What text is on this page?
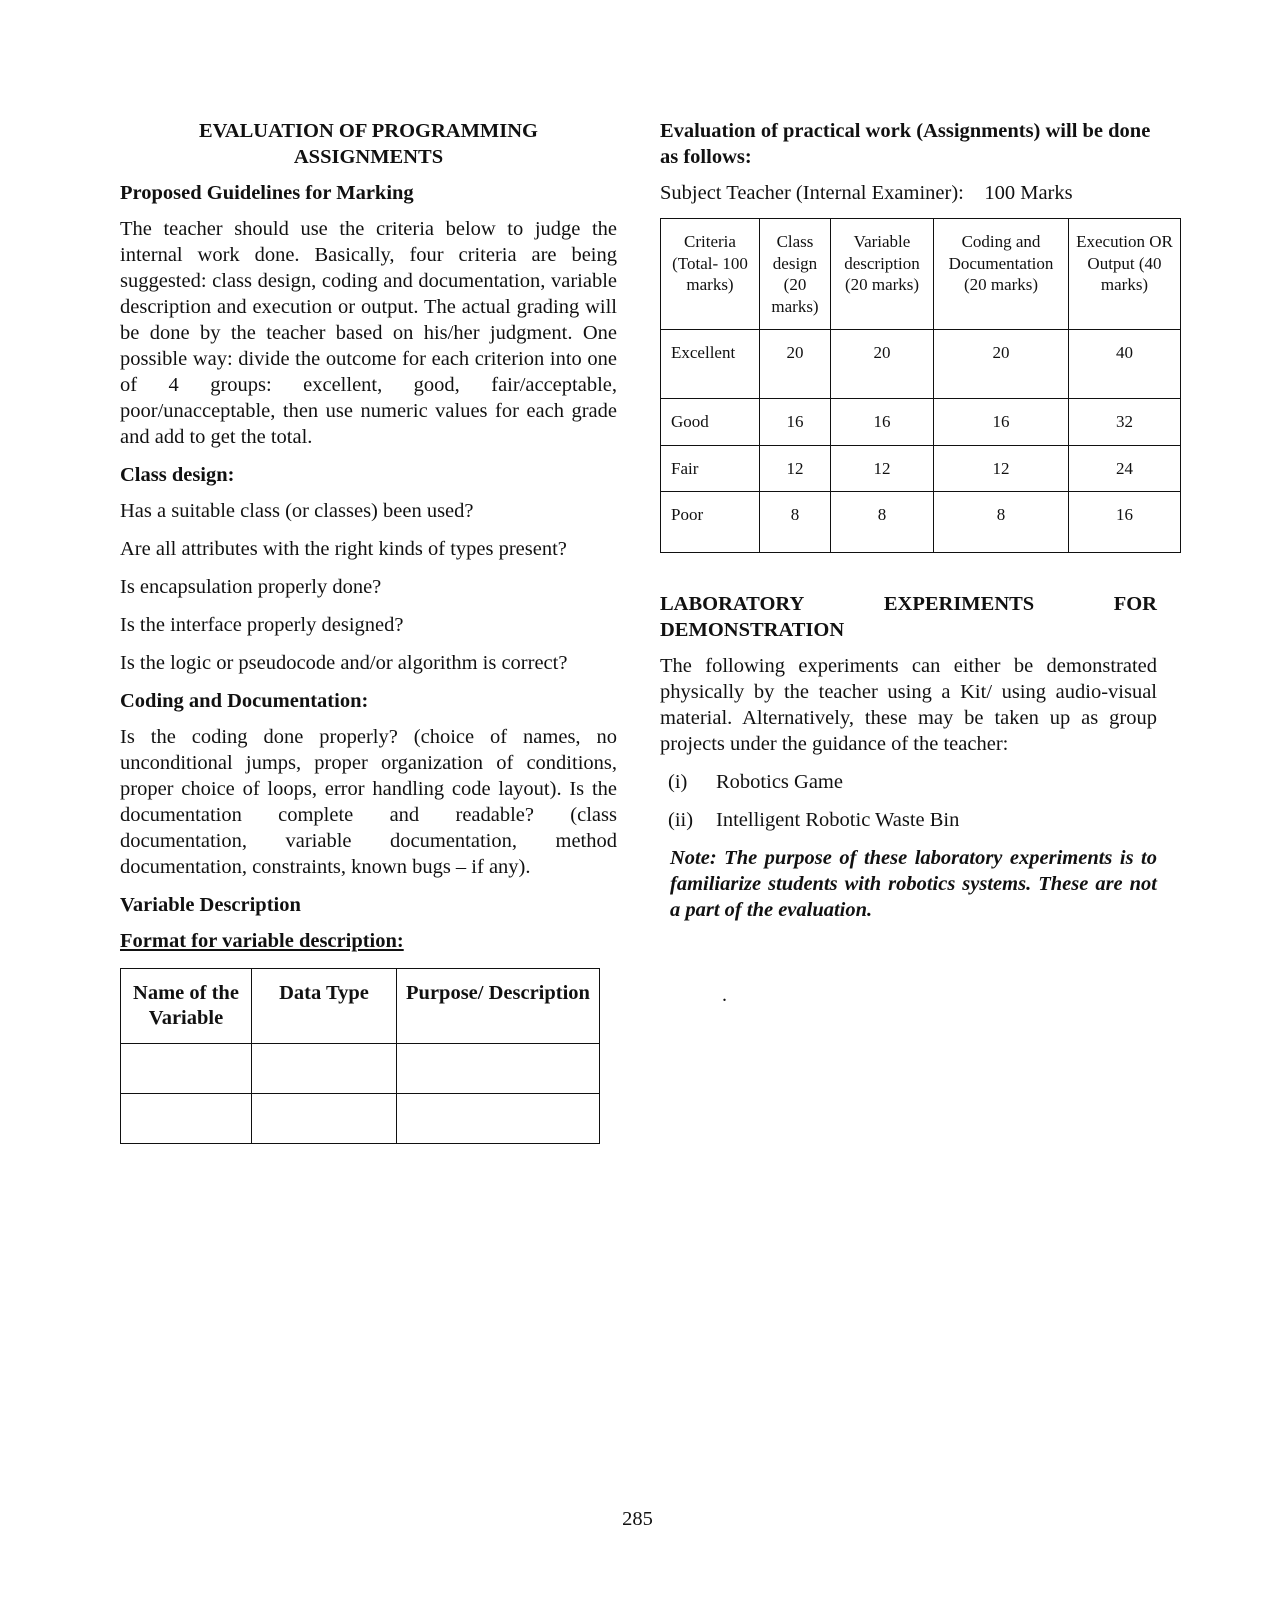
EVALUATION OF PROGRAMMING
ASSIGNMENTS
Proposed Guidelines for Marking

The teacher should use the criteria below to judge the internal work done. Basically, four criteria are being suggested: class design, coding and documentation, variable description and execution or output. The actual grading will be done by the teacher based on his/her judgment. One possible way: divide the outcome for each criterion into one of 4 groups: excellent, good, fair/acceptable, poor/unacceptable, then use numeric values for each grade and add to get the total.

Class design:
Has a suitable class (or classes) been used?
Are all attributes with the right kinds of types present?
Is encapsulation properly done?
Is the interface properly designed?
Is the logic or pseudocode and/or algorithm is correct?
Coding and Documentation:

Is the coding done properly? (choice of names, no unconditional jumps, proper organization of conditions, proper choice of loops, error handling code layout). Is the documentation complete and readable? (class documentation, variable documentation, method documentation, constraints, known bugs – if any).

Variable Description
Format for variable description:
Name of the Variable	Data Type	Purpose/ Description

Evaluation of practical work (Assignments) will be done as follows:
Subject Teacher (Internal Examiner): 100 Marks
Criteria (Total- 100 marks)	Class design (20 marks)	Variable description (20 marks)	Coding and Documentation (20 marks)	Execution OR Output (40 marks)
Excellent	20	20	20	40
Good	16	16	16	32
Fair	12	12	12	24
Poor	8	8	8	16
LABORATORY	EXPERIMENTS	FOR
DEMONSTRATION

The following experiments can either be demonstrated physically by the teacher using a Kit/ using audio-visual material. Alternatively, these may be taken up as group projects under the guidance of the teacher:

(i)	Robotics Game
(ii)	Intelligent Robotic Waste Bin
Note: The purpose of these laboratory experiments is to familiarize students with robotics systems. These are not a part of the evaluation.
.
285
